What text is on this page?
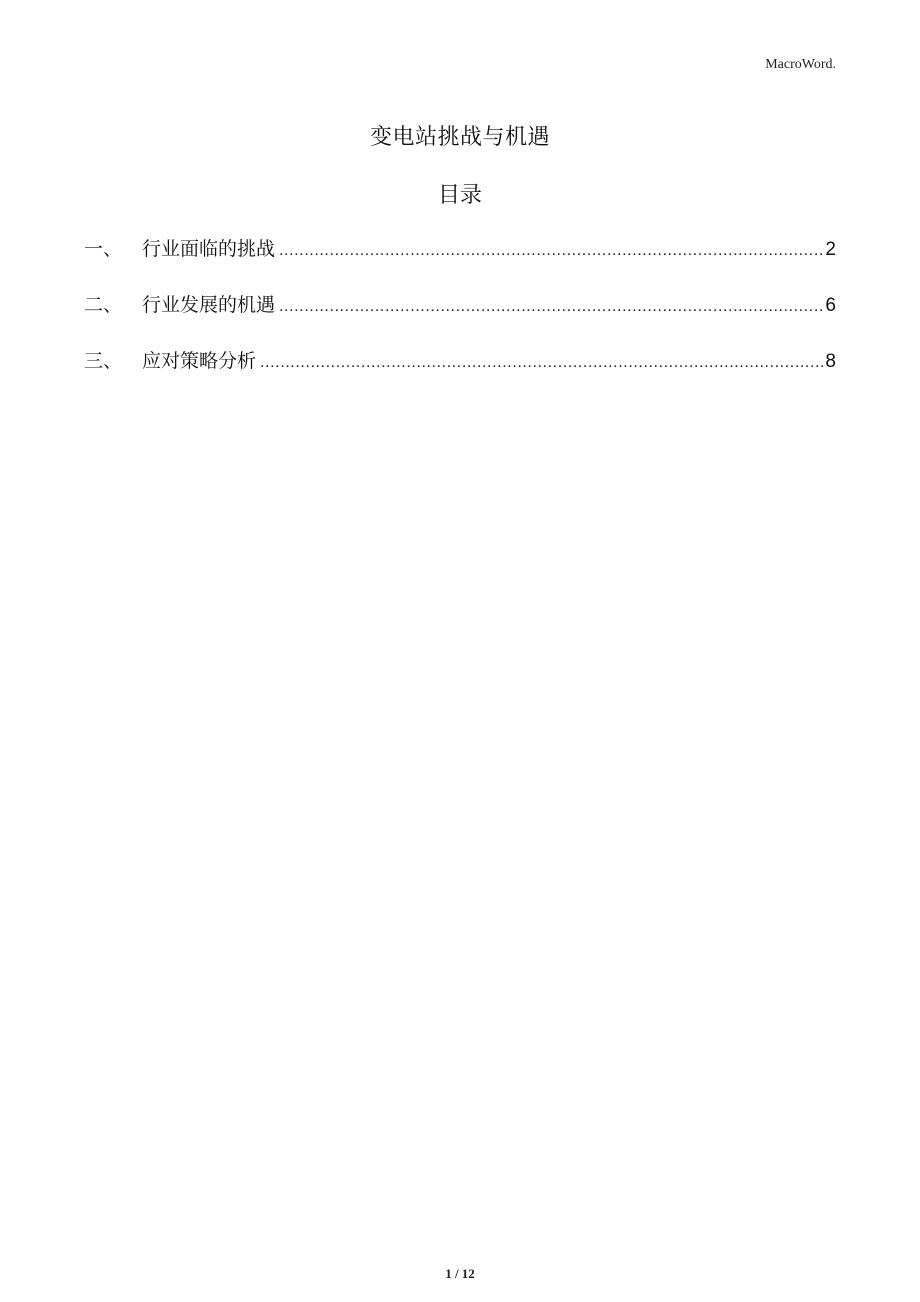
MacroWord.
变电站挑战与机遇
目录
一、	行业面临的挑战 .....	2
二、	行业发展的机遇 .....	6
三、	应对策略分析 .....	8
1 / 12
